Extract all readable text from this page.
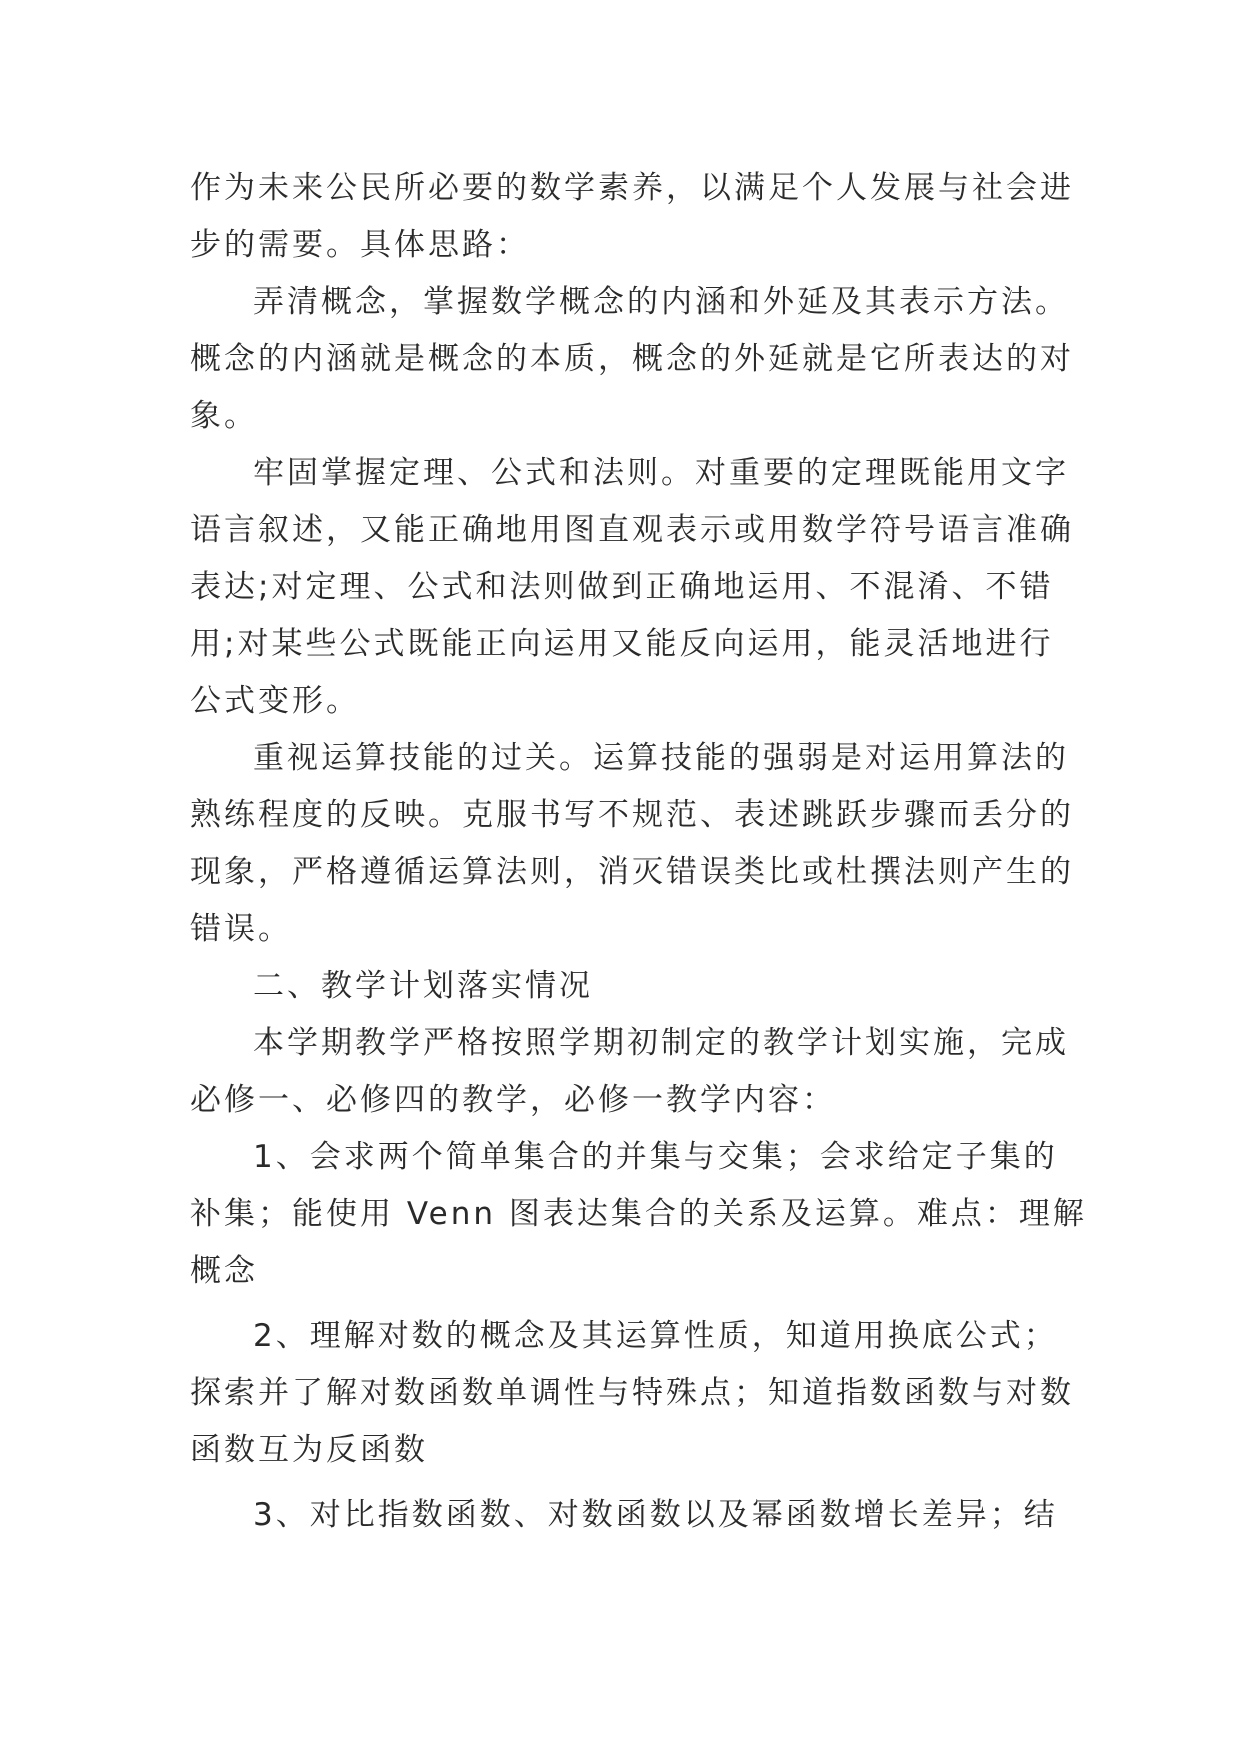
作为未来公民所必要的数学素养，以满足个人发展与社会进
步的需要。具体思路：
弄清概念，掌握数学概念的内涵和外延及其表示方法。
概念的内涵就是概念的本质，概念的外延就是它所表达的对
象。
牢固掌握定理、公式和法则。对重要的定理既能用文字
语言叙述，又能正确地用图直观表示或用数学符号语言准确
表达;对定理、公式和法则做到正确地运用、不混淆、不错
用;对某些公式既能正向运用又能反向运用，能灵活地进行
公式变形。
重视运算技能的过关。运算技能的强弱是对运用算法的
熟练程度的反映。克服书写不规范、表述跳跃步骤而丢分的
现象，严格遵循运算法则，消灭错误类比或杜撰法则产生的
错误。
二、教学计划落实情况
本学期教学严格按照学期初制定的教学计划实施，完成
必修一、必修四的教学，必修一教学内容：
1、会求两个简单集合的并集与交集；会求给定子集的
补集；能使用 Venn 图表达集合的关系及运算。难点：理解
概念
2、理解对数的概念及其运算性质，知道用换底公式；
探索并了解对数函数单调性与特殊点；知道指数函数与对数
函数互为反函数
3、对比指数函数、对数函数以及幂函数增长差异；结
